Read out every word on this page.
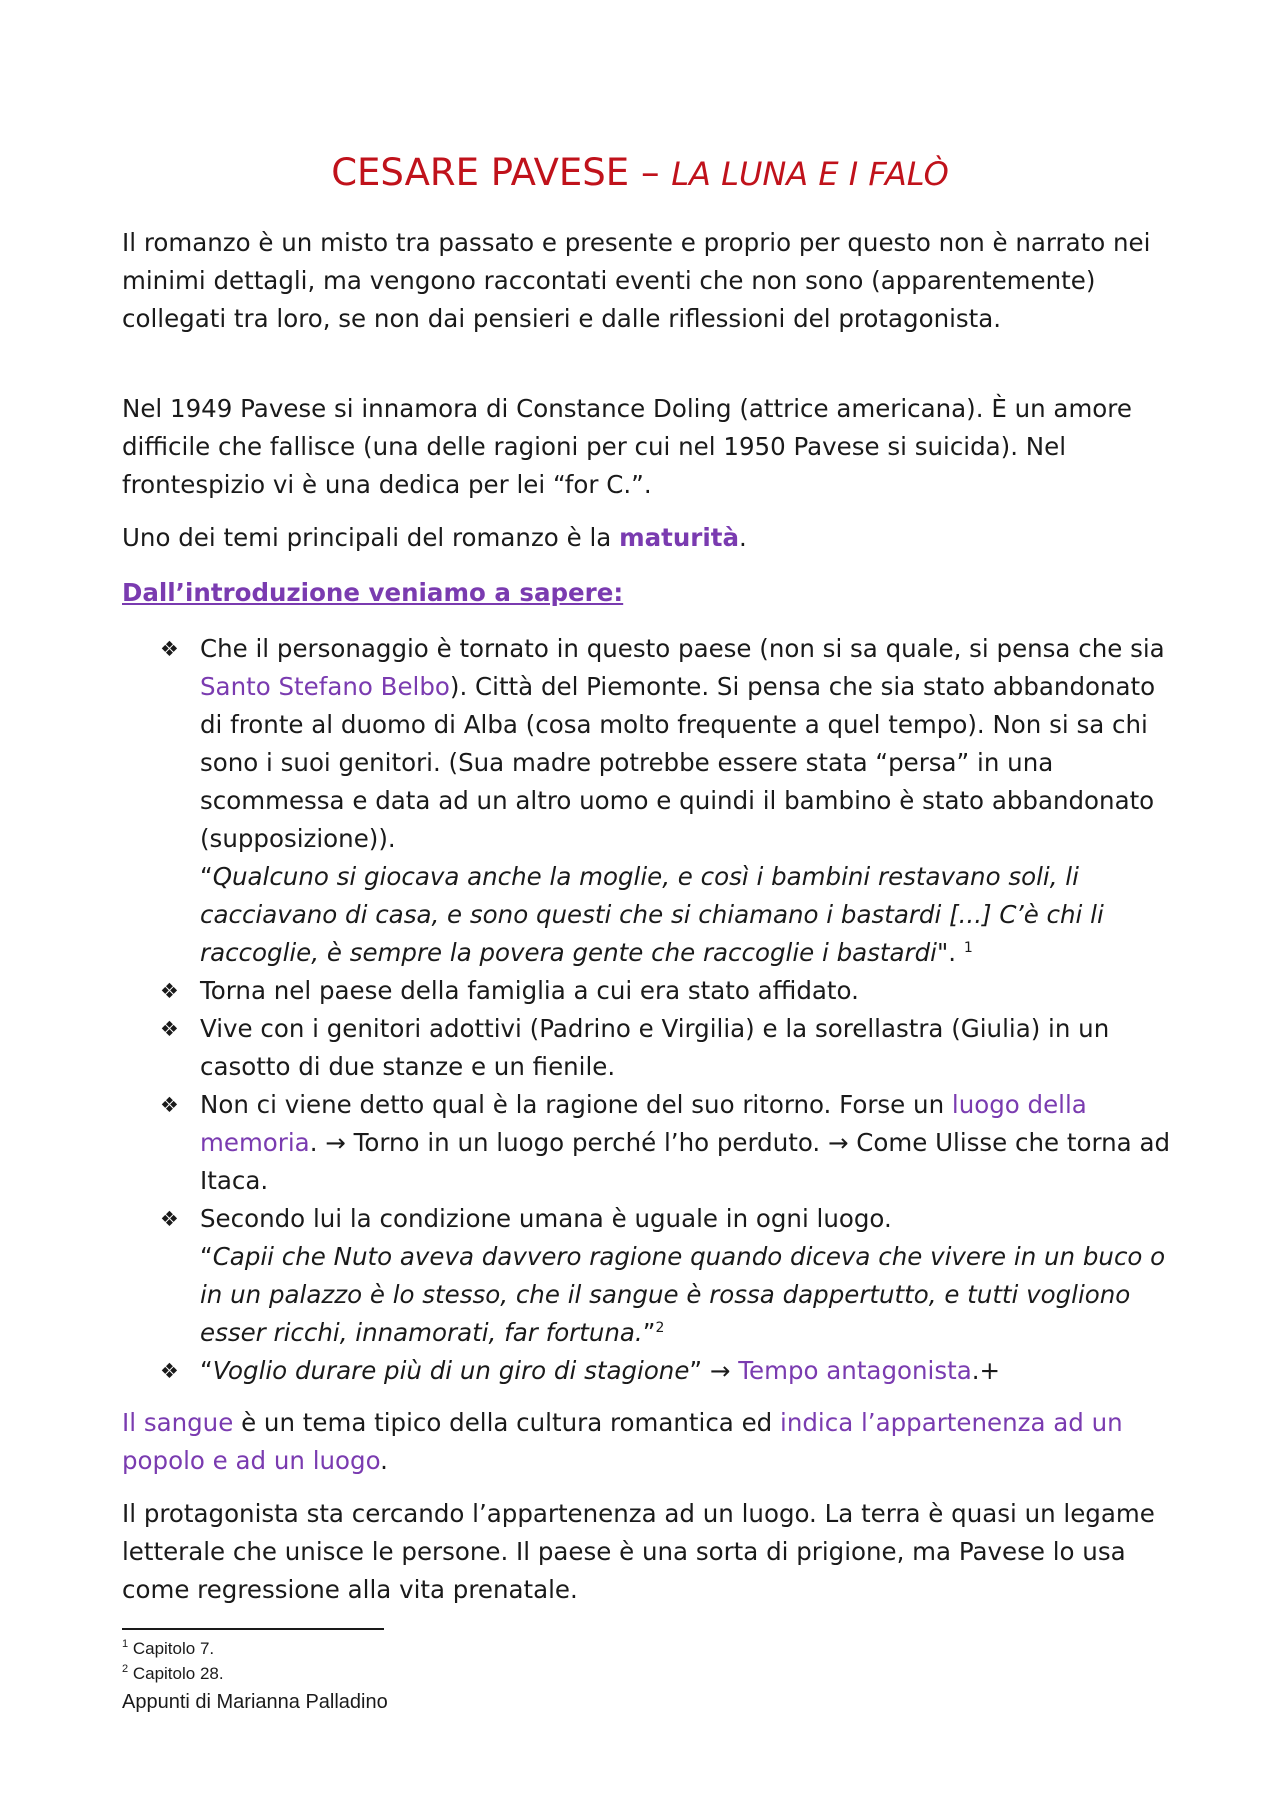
CESARE PAVESE – LA LUNA E I FALÒ

Il romanzo è un misto tra passato e presente e proprio per questo non è narrato nei minimi dettagli, ma vengono raccontati eventi che non sono (apparentemente) collegati tra loro, se non dai pensieri e dalle riflessioni del protagonista.

Nel 1949 Pavese si innamora di Constance Doling (attrice americana). È un amore difficile che fallisce (una delle ragioni per cui nel 1950 Pavese si suicida). Nel frontespizio vi è una dedica per lei “for C.”.

Uno dei temi principali del romanzo è la maturità.

Dall’introduzione veniamo a sapere:

❖ Che il personaggio è tornato in questo paese (non si sa quale, si pensa che sia Santo Stefano Belbo). Città del Piemonte. Si pensa che sia stato abbandonato di fronte al duomo di Alba (cosa molto frequente a quel tempo). Non si sa chi sono i suoi genitori. (Sua madre potrebbe essere stata “persa” in una scommessa e data ad un altro uomo e quindi il bambino è stato abbandonato (supposizione)).
“Qualcuno si giocava anche la moglie, e così i bambini restavano soli, li cacciavano di casa, e sono questi che si chiamano i bastardi [...] C’è chi li raccoglie, è sempre la povera gente che raccoglie i bastardi". $^1$
❖ Torna nel paese della famiglia a cui era stato affidato.
❖ Vive con i genitori adottivi (Padrino e Virgilia) e la sorellastra (Giulia) in un casotto di due stanze e un fienile.
❖ Non ci viene detto qual è la ragione del suo ritorno. Forse un luogo della memoria. → Torno in un luogo perché l’ho perduto. → Come Ulisse che torna ad Itaca.
❖ Secondo lui la condizione umana è uguale in ogni luogo.
“Capii che Nuto aveva davvero ragione quando diceva che vivere in un buco o in un palazzo è lo stesso, che il sangue è rossa dappertutto, e tutti vogliono esser ricchi, innamorati, far fortuna.”$^2$
❖ “Voglio durare più di un giro di stagione” → Tempo antagonista.+

Il sangue è un tema tipico della cultura romantica ed indica l’appartenenza ad un popolo e ad un luogo.

Il protagonista sta cercando l’appartenenza ad un luogo. La terra è quasi un legame letterale che unisce le persone. Il paese è una sorta di prigione, ma Pavese lo usa come regressione alla vita prenatale.

$^1$ Capitolo 7.
$^2$ Capitolo 28.
Appunti di Marianna Palladino
